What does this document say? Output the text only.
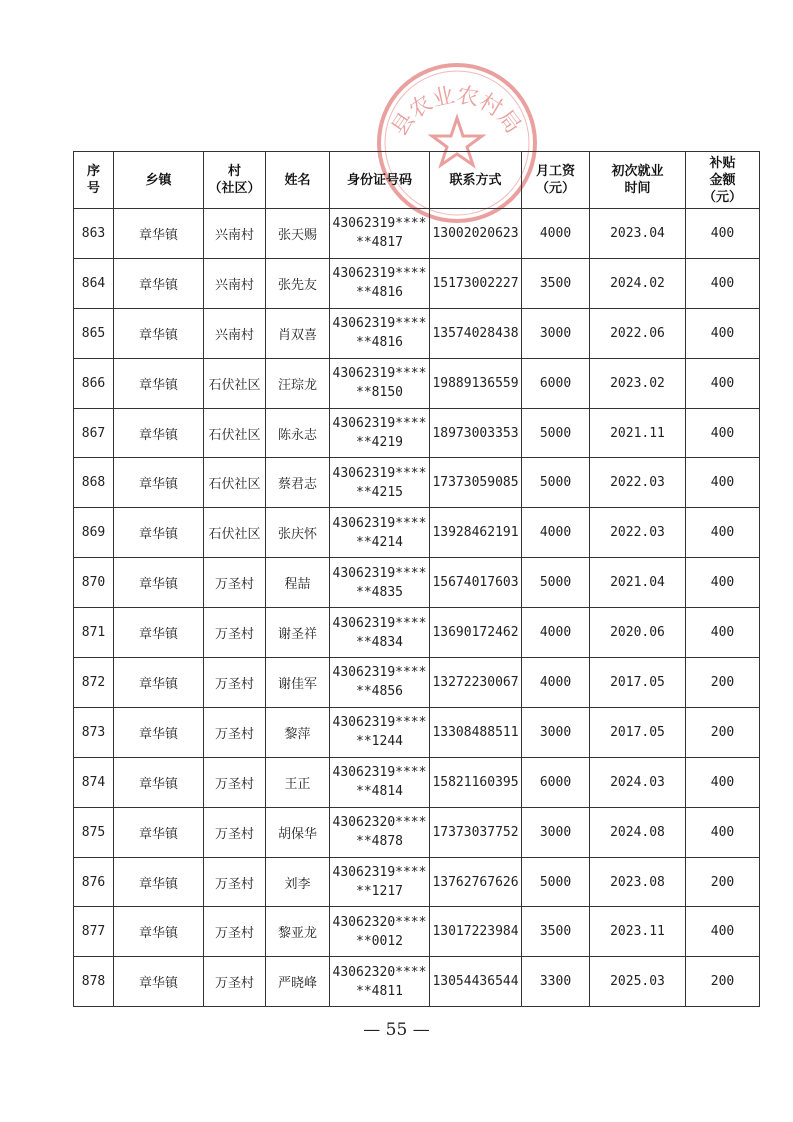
县农业农村局
序
号	乡镇	村
（社区）	姓名	身份证号码	联系方式	月工资
（元）	初次就业
时间	补贴
金额
（元）
863	章华镇	兴南村	张天赐	43062319****
**4817	13002020623	4000	2023.04	400
864	章华镇	兴南村	张先友	43062319****
**4816	15173002227	3500	2024.02	400
865	章华镇	兴南村	肖双喜	43062319****
**4816	13574028438	3000	2022.06	400
866	章华镇	石伏社区	汪琮龙	43062319****
**8150	19889136559	6000	2023.02	400
867	章华镇	石伏社区	陈永志	43062319****
**4219	18973003353	5000	2021.11	400
868	章华镇	石伏社区	蔡君志	43062319****
**4215	17373059085	5000	2022.03	400
869	章华镇	石伏社区	张庆怀	43062319****
**4214	13928462191	4000	2022.03	400
870	章华镇	万圣村	程喆	43062319****
**4835	15674017603	5000	2021.04	400
871	章华镇	万圣村	谢圣祥	43062319****
**4834	13690172462	4000	2020.06	400
872	章华镇	万圣村	谢佳军	43062319****
**4856	13272230067	4000	2017.05	200
873	章华镇	万圣村	黎萍	43062319****
**1244	13308488511	3000	2017.05	200
874	章华镇	万圣村	王正	43062319****
**4814	15821160395	6000	2024.03	400
875	章华镇	万圣村	胡保华	43062320****
**4878	17373037752	3000	2024.08	400
876	章华镇	万圣村	刘李	43062319****
**1217	13762767626	5000	2023.08	200
877	章华镇	万圣村	黎亚龙	43062320****
**0012	13017223984	3500	2023.11	400
878	章华镇	万圣村	严晓峰	43062320****
**4811	13054436544	3300	2025.03	200
— 55 —
